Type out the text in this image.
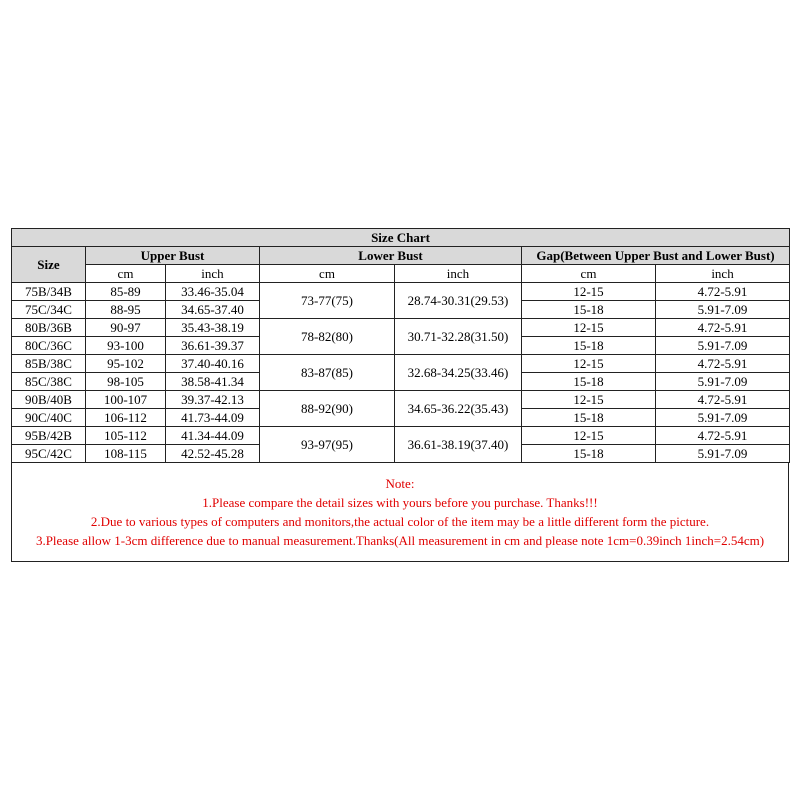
Size Chart						
Size	Upper Bust		Lower Bust		Gap(Between Upper Bust and Lower Bust)	
	cm	inch	cm	inch	cm	inch
75B/34B	85-89	33.46-35.04	73-77(75)	28.74-30.31(29.53)	12-15	4.72-5.91
75C/34C	88-95	34.65-37.40			15-18	5.91-7.09
80B/36B	90-97	35.43-38.19	78-82(80)	30.71-32.28(31.50)	12-15	4.72-5.91
80C/36C	93-100	36.61-39.37			15-18	5.91-7.09
85B/38C	95-102	37.40-40.16	83-87(85)	32.68-34.25(33.46)	12-15	4.72-5.91
85C/38C	98-105	38.58-41.34			15-18	5.91-7.09
90B/40B	100-107	39.37-42.13	88-92(90)	34.65-36.22(35.43)	12-15	4.72-5.91
90C/40C	106-112	41.73-44.09			15-18	5.91-7.09
95B/42B	105-112	41.34-44.09	93-97(95)	36.61-38.19(37.40)	12-15	4.72-5.91
95C/42C	108-115	42.52-45.28			15-18	5.91-7.09
Note:
1.Please compare the detail sizes with yours before you purchase. Thanks!!!
2.Due to various types of computers and monitors,the actual color of the item may be a little different form the picture.
3.Please allow 1-3cm difference due to manual measurement.Thanks(All measurement in cm and please note 1cm=0.39inch 1inch=2.54cm)
